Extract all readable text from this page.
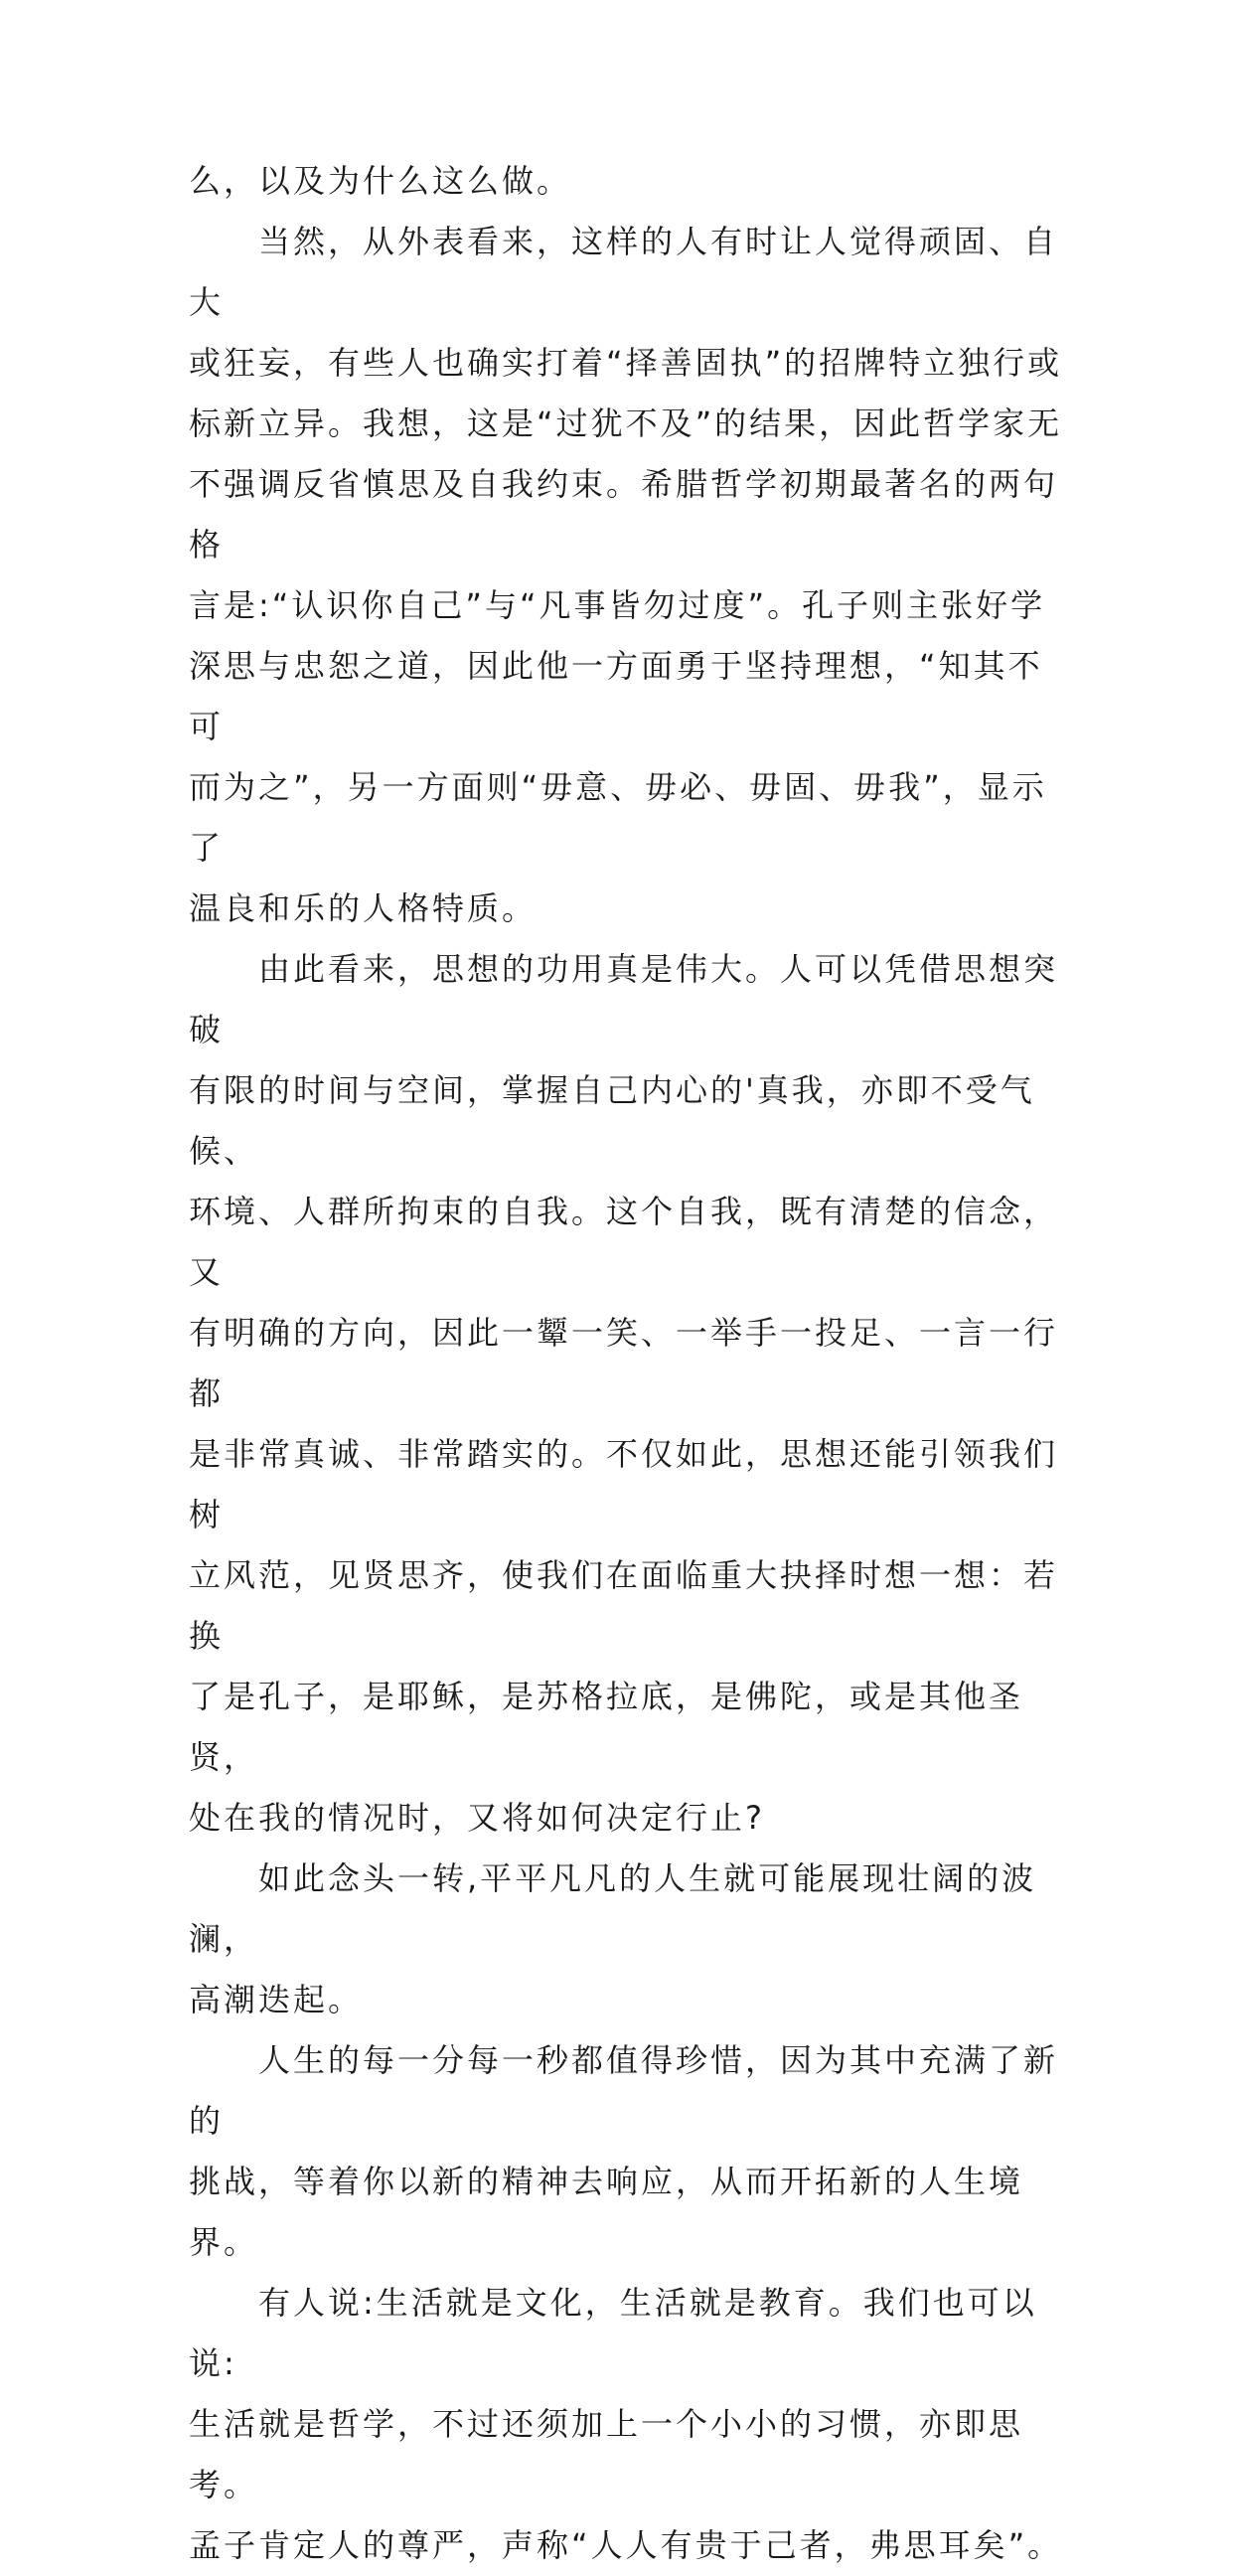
么，以及为什么这么做。

　　当然，从外表看来，这样的人有时让人觉得顽固、自大
或狂妄，有些人也确实打着“择善固执”的招牌特立独行或
标新立异。我想，这是“过犹不及”的结果，因此哲学家无
不强调反省慎思及自我约束。希腊哲学初期最著名的两句格
言是:“认识你自己”与“凡事皆勿过度”。孔子则主张好学
深思与忠恕之道，因此他一方面勇于坚持理想，“知其不可
而为之”，另一方面则“毋意、毋必、毋固、毋我”，显示了
温良和乐的人格特质。

　　由此看来，思想的功用真是伟大。人可以凭借思想突破
有限的时间与空间，掌握自己内心的'真我，亦即不受气候、
环境、人群所拘束的自我。这个自我，既有清楚的信念，又
有明确的方向，因此一颦一笑、一举手一投足、一言一行都
是非常真诚、非常踏实的。不仅如此，思想还能引领我们树
立风范，见贤思齐，使我们在面临重大抉择时想一想：若换
了是孔子，是耶稣，是苏格拉底，是佛陀，或是其他圣贤，
处在我的情况时，又将如何决定行止?

　　如此念头一转,平平凡凡的人生就可能展现壮阔的波澜，
高潮迭起。

　　人生的每一分每一秒都值得珍惜，因为其中充满了新的
挑战，等着你以新的精神去响应，从而开拓新的人生境界。

　　有人说:生活就是文化，生活就是教育。我们也可以说:
生活就是哲学，不过还须加上一个小小的习惯，亦即思考。
孟子肯定人的尊严，声称“人人有贵于己者，弗思耳矣”。
